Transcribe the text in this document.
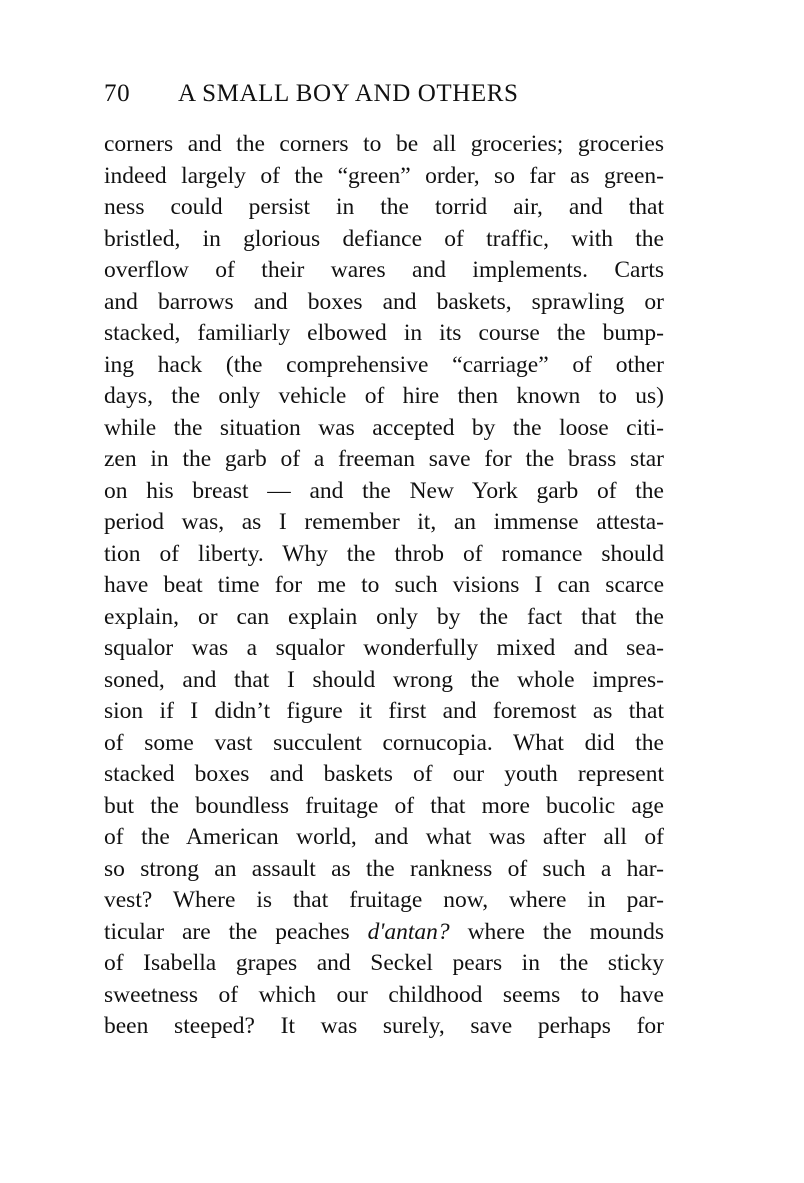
70 A SMALL BOY AND OTHERS
corners and the corners to be all groceries; groceries
indeed largely of the “green” order, so far as green-
ness could persist in the torrid air, and that
bristled, in glorious defiance of traffic, with the
overflow of their wares and implements. Carts
and barrows and boxes and baskets, sprawling or
stacked, familiarly elbowed in its course the bump-
ing hack (the comprehensive “carriage” of other
days, the only vehicle of hire then known to us)
while the situation was accepted by the loose citi-
zen in the garb of a freeman save for the brass star
on his breast — and the New York garb of the
period was, as I remember it, an immense attesta-
tion of liberty. Why the throb of romance should
have beat time for me to such visions I can scarce
explain, or can explain only by the fact that the
squalor was a squalor wonderfully mixed and sea-
soned, and that I should wrong the whole impres-
sion if I didn’t figure it first and foremost as that
of some vast succulent cornucopia. What did the
stacked boxes and baskets of our youth represent
but the boundless fruitage of that more bucolic age
of the American world, and what was after all of
so strong an assault as the rankness of such a har-
vest? Where is that fruitage now, where in par-
ticular are the peaches d'antan? where the mounds
of Isabella grapes and Seckel pears in the sticky
sweetness of which our childhood seems to have
been steeped? It was surely, save perhaps for
